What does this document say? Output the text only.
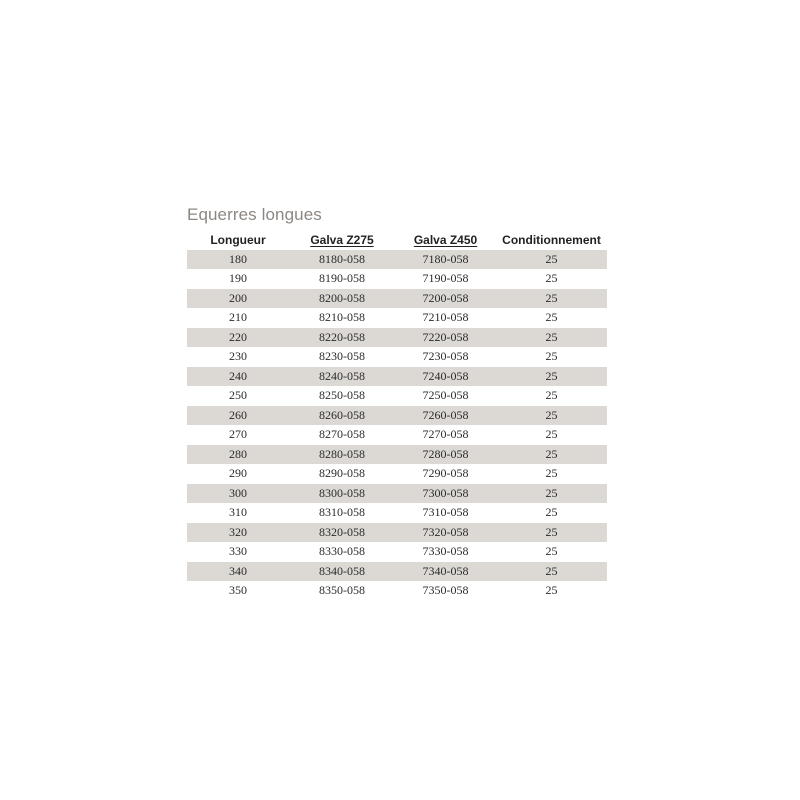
Equerres longues
Longueur	Galva Z275	Galva Z450	Conditionnement
180	8180-058	7180-058	25
190	8190-058	7190-058	25
200	8200-058	7200-058	25
210	8210-058	7210-058	25
220	8220-058	7220-058	25
230	8230-058	7230-058	25
240	8240-058	7240-058	25
250	8250-058	7250-058	25
260	8260-058	7260-058	25
270	8270-058	7270-058	25
280	8280-058	7280-058	25
290	8290-058	7290-058	25
300	8300-058	7300-058	25
310	8310-058	7310-058	25
320	8320-058	7320-058	25
330	8330-058	7330-058	25
340	8340-058	7340-058	25
350	8350-058	7350-058	25
